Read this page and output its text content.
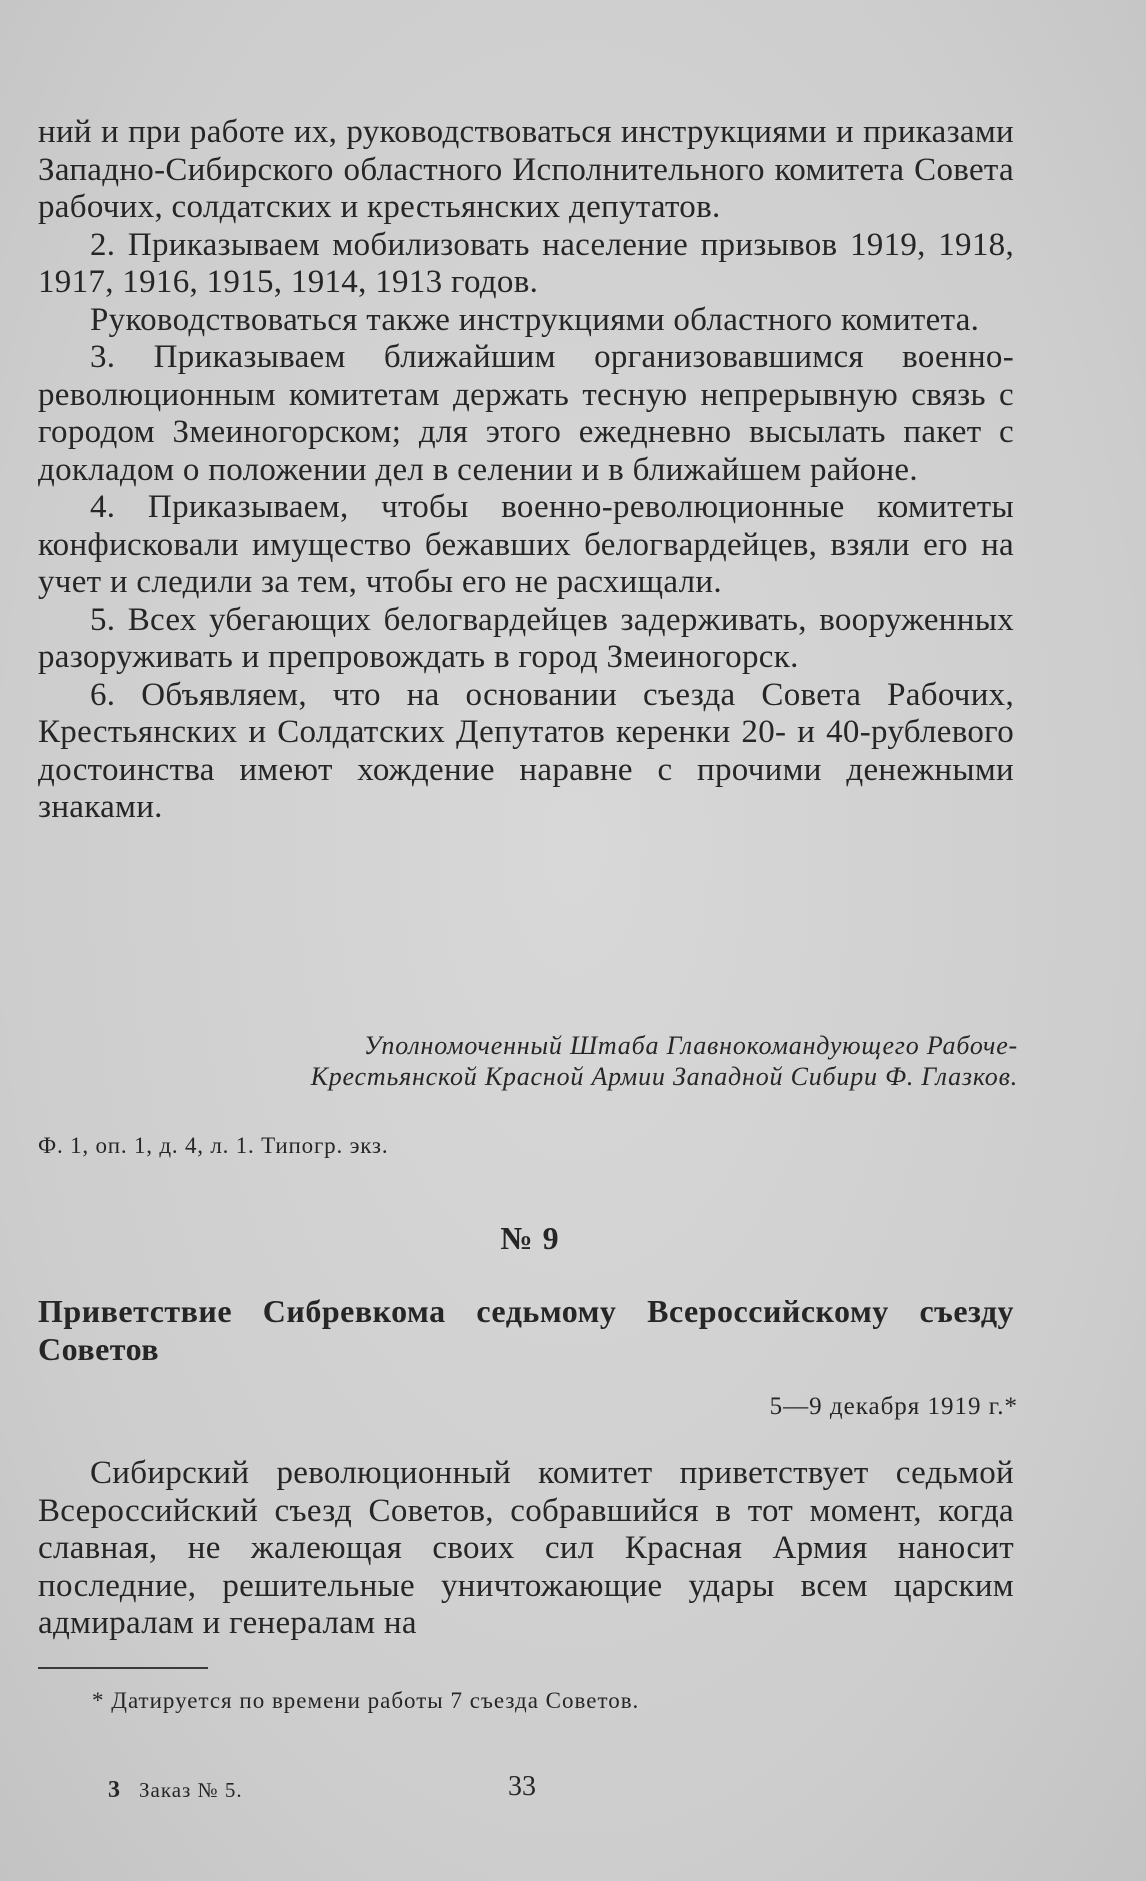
ний и при работе их, руководствоваться инструкциями и приказами Западно-Сибирского областного Исполнительного комитета Совета рабочих, солдатских и крестьянских депутатов.

2. Приказываем мобилизовать население призывов 1919, 1918, 1917, 1916, 1915, 1914, 1913 годов.

Руководствоваться также инструкциями областного комитета.

3. Приказываем ближайшим организовавшимся военно-революционным комитетам держать тесную непрерывную связь с городом Змеиногорском; для этого ежедневно высылать пакет с докладом о положении дел в селении и в ближайшем районе.

4. Приказываем, чтобы военно-революционные комитеты конфисковали имущество бежавших белогвардейцев, взяли его на учет и следили за тем, чтобы его не расхищали.

5. Всех убегающих белогвардейцев задерживать, вооруженных разоруживать и препровождать в город Змеиногорск.

6. Объявляем, что на основании съезда Совета Рабочих, Крестьянских и Солдатских Депутатов керенки 20- и 40-рублевого достоинства имеют хождение наравне с прочими денежными знаками.

Уполномоченный Штаба Главнокомандующего Рабоче-Крестьянской Красной Армии Западной Сибири Ф. Глазков.
Ф. 1, оп. 1, д. 4, л. 1. Типогр. экз.
№ 9
Приветствие Сибревкома седьмому Всероссийскому съезду Советов
5—9 декабря 1919 г.*

Сибирский революционный комитет приветствует седьмой Всероссийский съезд Советов, собравшийся в тот момент, когда славная, не жалеющая своих сил Красная Армия наносит последние, решительные уничтожающие удары всем царским адмиралам и генералам на

* Датируется по времени работы 7 съезда Советов.
3 Заказ № 5.	33
